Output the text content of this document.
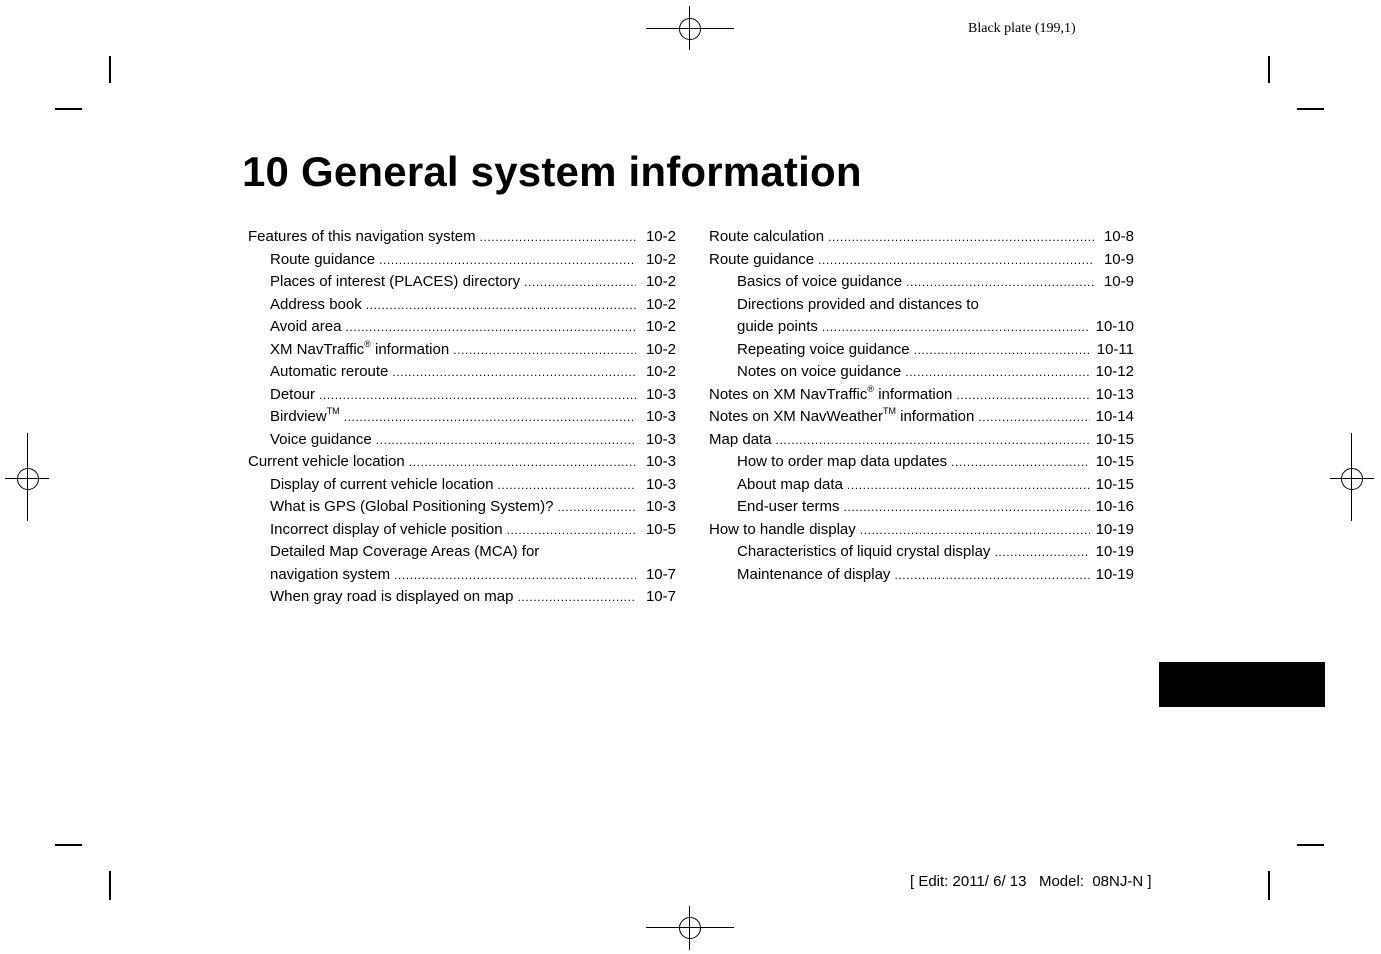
Black plate (199,1)
10 General system information
Features of this navigation system .....	10-2
Route guidance .....	10-2
Places of interest (PLACES) directory .....	10-2
Address book .....	10-2
Avoid area .....	10-2
XM NavTraffic® information .....	10-2
Automatic reroute .....	10-2
Detour .....	10-3
Birdview™ .....	10-3
Voice guidance .....	10-3
Current vehicle location .....	10-3
Display of current vehicle location .....	10-3
What is GPS (Global Positioning System)? .....	10-3
Incorrect display of vehicle position .....	10-5
Detailed Map Coverage Areas (MCA) for
navigation system .....	10-7
When gray road is displayed on map .....	10-7
Route calculation .....	10-8
Route guidance .....	10-9
Basics of voice guidance .....	10-9
Directions provided and distances to
guide points .....	10-10
Repeating voice guidance .....	10-11
Notes on voice guidance .....	10-12
Notes on XM NavTraffic® information .....	10-13
Notes on XM NavWeather™ information .....	10-14
Map data .....	10-15
How to order map data updates .....	10-15
About map data .....	10-15
End-user terms .....	10-16
How to handle display .....	10-19
Characteristics of liquid crystal display .....	10-19
Maintenance of display .....	10-19
[ Edit: 2011/ 6/ 13   Model:  08NJ-N ]
